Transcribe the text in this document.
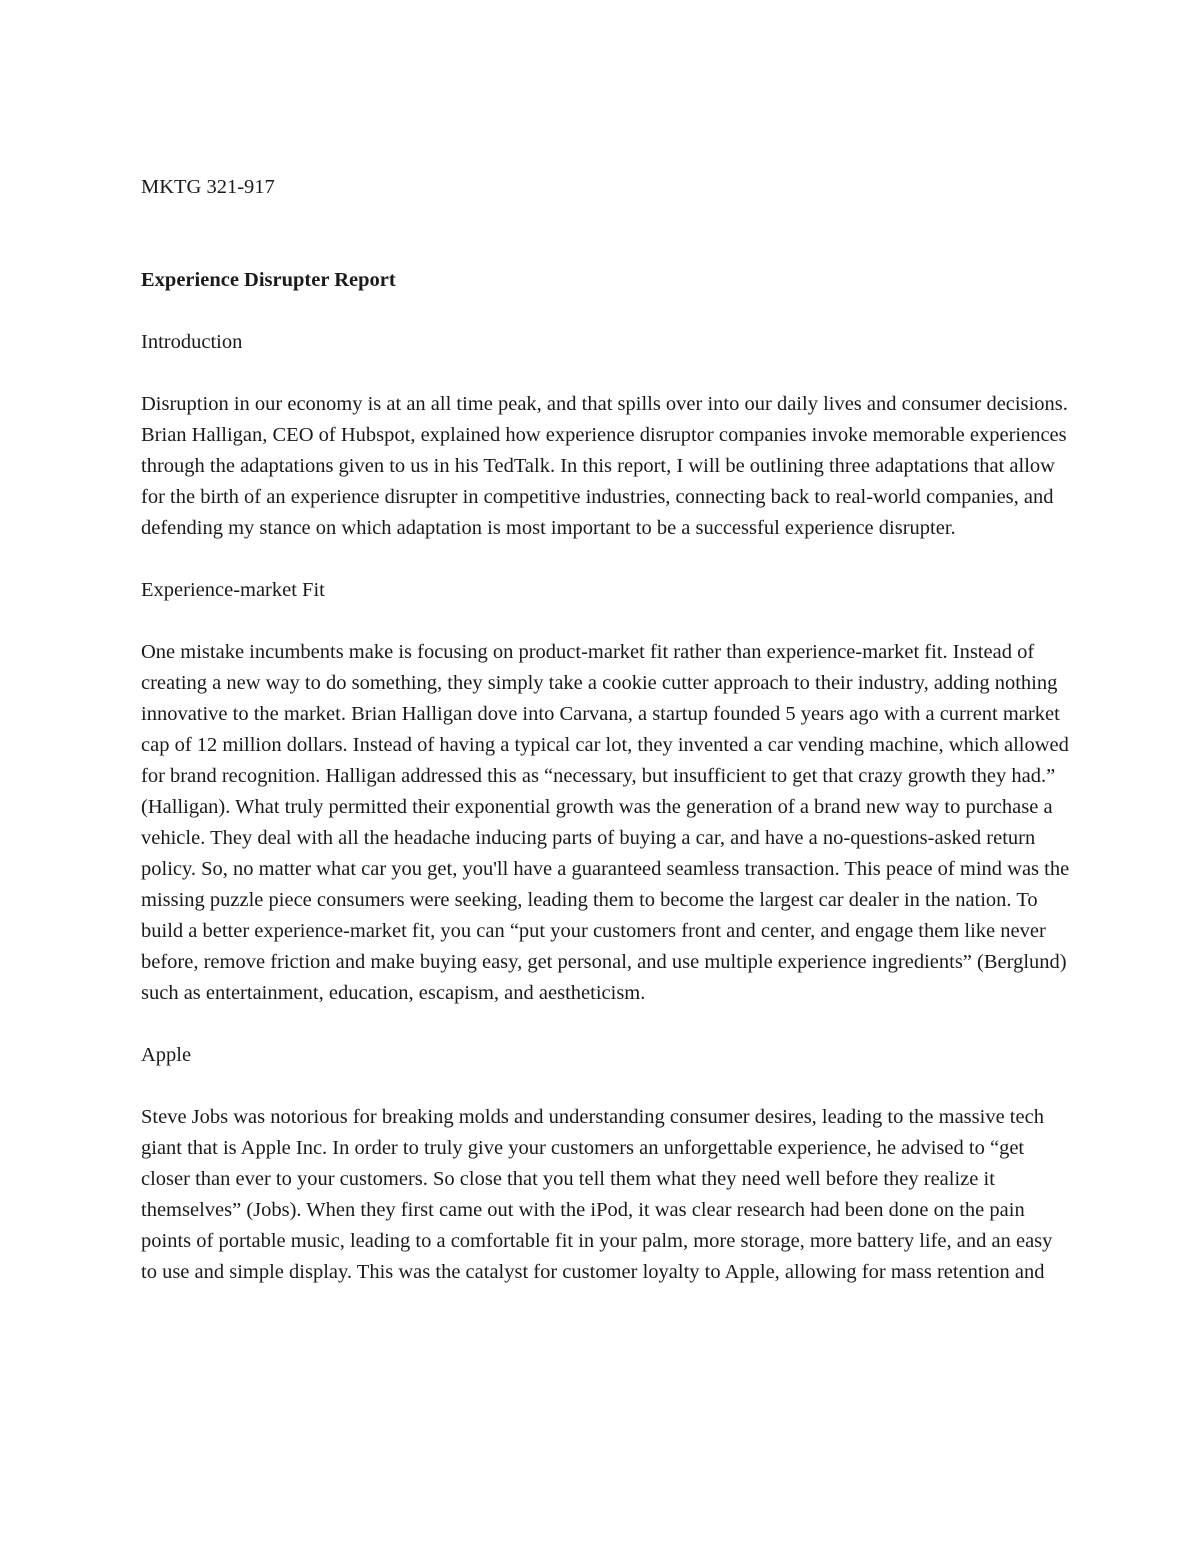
MKTG 321-917

Experience Disrupter Report

Introduction

Disruption in our economy is at an all time peak, and that spills over into our daily lives and consumer decisions. Brian Halligan, CEO of Hubspot, explained how experience disruptor companies invoke memorable experiences through the adaptations given to us in his TedTalk. In this report, I will be outlining three adaptations that allow for the birth of an experience disrupter in competitive industries, connecting back to real-world companies, and defending my stance on which adaptation is most important to be a successful experience disrupter.

Experience-market Fit

One mistake incumbents make is focusing on product-market fit rather than experience-market fit. Instead of creating a new way to do something, they simply take a cookie cutter approach to their industry, adding nothing innovative to the market. Brian Halligan dove into Carvana, a startup founded 5 years ago with a current market cap of 12 million dollars. Instead of having a typical car lot, they invented a car vending machine, which allowed for brand recognition. Halligan addressed this as “necessary, but insufficient to get that crazy growth they had.” (Halligan). What truly permitted their exponential growth was the generation of a brand new way to purchase a vehicle. They deal with all the headache inducing parts of buying a car, and have a no-questions-asked return policy. So, no matter what car you get, you'll have a guaranteed seamless transaction. This peace of mind was the missing puzzle piece consumers were seeking, leading them to become the largest car dealer in the nation. To build a better experience-market fit, you can “put your customers front and center, and engage them like never before, remove friction and make buying easy, get personal, and use multiple experience ingredients” (Berglund) such as entertainment, education, escapism, and aestheticism.

Apple

Steve Jobs was notorious for breaking molds and understanding consumer desires, leading to the massive tech giant that is Apple Inc. In order to truly give your customers an unforgettable experience, he advised to “get closer than ever to your customers. So close that you tell them what they need well before they realize it themselves” (Jobs). When they first came out with the iPod, it was clear research had been done on the pain points of portable music, leading to a comfortable fit in your palm, more storage, more battery life, and an easy to use and simple display. This was the catalyst for customer loyalty to Apple, allowing for mass retention and
